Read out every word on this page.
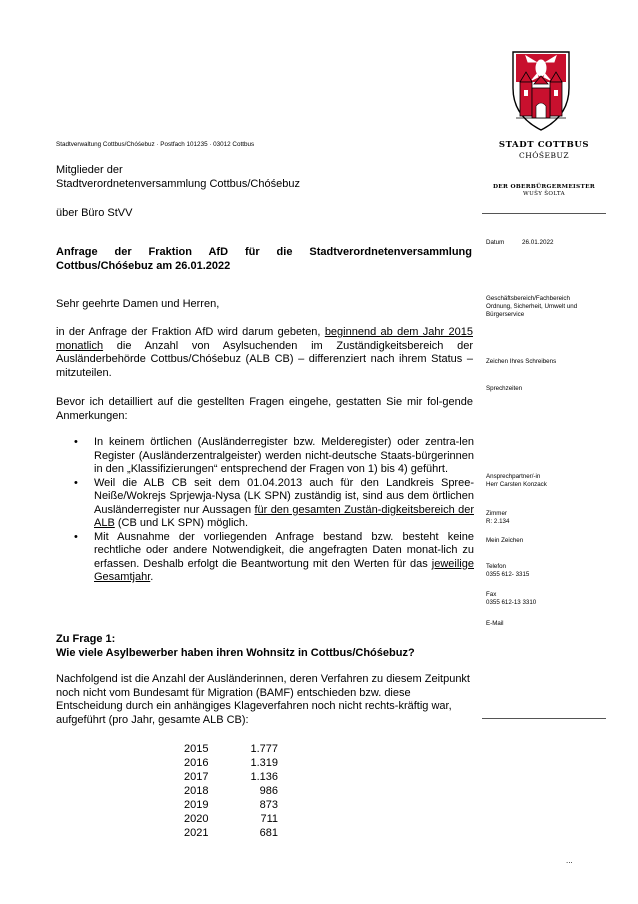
Stadtverwaltung Cottbus/Chóśebuz · Postfach 101235 · 03012 Cottbus

Mitglieder der

Stadtverordnetenversammlung Cottbus/Chóśebuz

über Büro StVV

Anfrage der Fraktion AfD für die Stadtverordnetenversammlung Cottbus/Chóśebuz am 26.01.2022

Sehr geehrte Damen und Herren,

in der Anfrage der Fraktion AfD wird darum gebeten, beginnend ab dem Jahr 2015 monatlich die Anzahl von Asylsuchenden im Zuständigkeitsbereich der Ausländerbehörde Cottbus/Chóśebuz (ALB CB) – differenziert nach ihrem Status – mitzuteilen.

Bevor ich detailliert auf die gestellten Fragen eingehe, gestatten Sie mir fol-gende Anmerkungen:

• In keinem örtlichen (Ausländerregister bzw. Melderegister) oder zentra-len Register (Ausländerzentralgeister) werden nicht-deutsche Staats-bürgerinnen in den „Klassifizierungen“ entsprechend der Fragen von 1) bis 4) geführt.
• Weil die ALB CB seit dem 01.04.2013 auch für den Landkreis Spree-Neiße/Wokrejs Sprjewja-Nysa (LK SPN) zuständig ist, sind aus dem örtlichen Ausländerregister nur Aussagen für den gesamten Zustän-digkeitsbereich der ALB (CB und LK SPN) möglich.
• Mit Ausnahme der vorliegenden Anfrage bestand bzw. besteht keine rechtliche oder andere Notwendigkeit, die angefragten Daten monat-lich zu erfassen. Deshalb erfolgt die Beantwortung mit den Werten für das jeweilige Gesamtjahr.

Zu Frage 1:

Wie viele Asylbewerber haben ihren Wohnsitz in Cottbus/Chóśebuz?

Nachfolgend ist die Anzahl der Ausländerinnen, deren Verfahren zu diesem Zeitpunkt noch nicht vom Bundesamt für Migration (BAMF) entschieden bzw. diese Entscheidung durch ein anhängiges Klageverfahren noch nicht rechts-kräftig war, aufgeführt (pro Jahr, gesamte ALB CB):

2015	1.777
2016	1.319
2017	1.136
2018	986
2019	873
2020	711
2021	681
...
STADT COTTBUS
CHÓŚEBUZ
DER OBERBÜRGERMEISTER
WUŠY ŠOLTA
Datum	26.01.2022
Geschäftsbereich/Fachbereich
Ordnung, Sicherheit, Umwelt und Bürgerservice
Zeichen Ihres Schreibens
Sprechzeiten
Ansprechpartner/-in
Herr Carsten Konzack
Zimmer
R: 2.134
Mein Zeichen
Telefon
0355 612- 3315
Fax
0355 612-13 3310
E-Mail
